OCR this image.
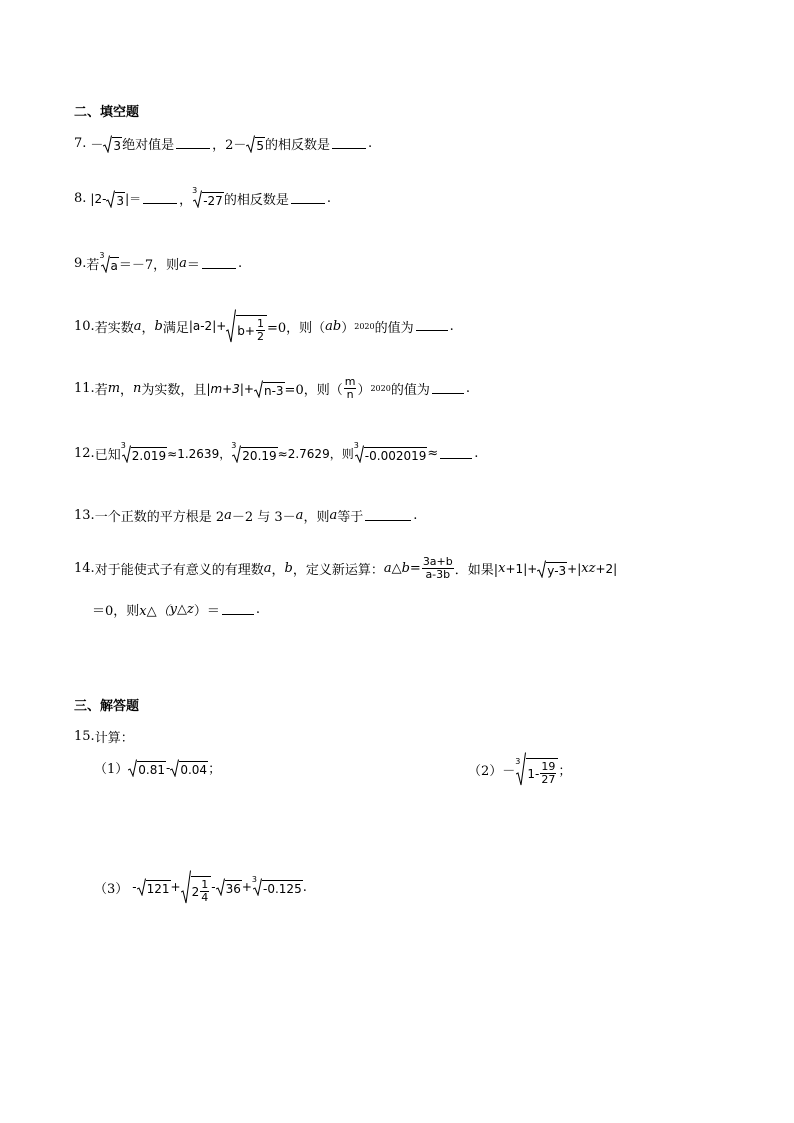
二、填空题
7. － 3 绝对值是	，2－ 5 的相反数是	.
8. |2- 3 |＝	，
3
-27 的相反数是	.
9. 若
3
a ＝－7，则 a ＝	.
10. 若实数 a ， b 满足 $|a-2|+ b+ \frac{1}{2} =0$，则（ ab ） 2020 的值为	.
11. 若 m ， n 为实数，且 |m+3|+ n-3 =0，则（ $\frac{m}{n}$ ） 2020 的值为	.
12. 已知
3
2.019 ≈1.2639，
3
20.19 ≈2.7629，则
3
-0.002019 ≈	.
13. 一个正数的平方根是 2 a －2 与 3－ a ，则 a 等于	.
14. 对于能使式子有意义的有理数 a ， b ，定义新运算： a△b = $\frac{3a+b}{a-3b}$ ．如果| x +1|+ y-3 +| xz +2|
＝0，则 x△（ y△z ）＝	.
三、解答题
15. 计算：
（1） 0.81 - 0.04 ；	（2） －
3
$1- \frac{19}{27}$ ；
$(3) - 121 + 2 \frac{1}{4} - 36$ +
3
-0.125 .
